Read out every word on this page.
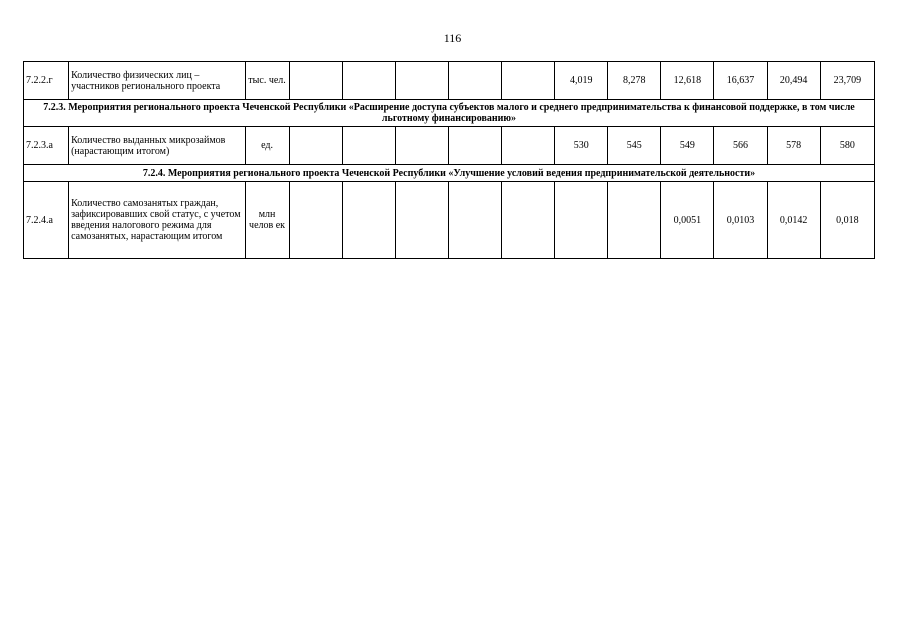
116
7.2.2.г	Количество физических лиц – участников регионального проекта	тыс. чел.						4,019	8,278	12,618	16,637	20,494	23,709
7.2.3. Мероприятия регионального проекта Чеченской Республики «Расширение доступа субъектов малого и среднего предпринимательства к финансовой поддержке, в том числе льготному финансированию»													
7.2.3.а	Количество выданных микрозаймов (нарастающим итогом)	ед.						530	545	549	566	578	580
7.2.4. Мероприятия регионального проекта Чеченской Республики «Улучшение условий ведения предпринимательской деятельности»													
7.2.4.а	Количество самозанятых граждан, зафиксировавших свой статус, с учетом введения налогового режима для самозанятых, нарастающим итогом	млн челов ек								0,0051	0,0103	0,0142	0,018
